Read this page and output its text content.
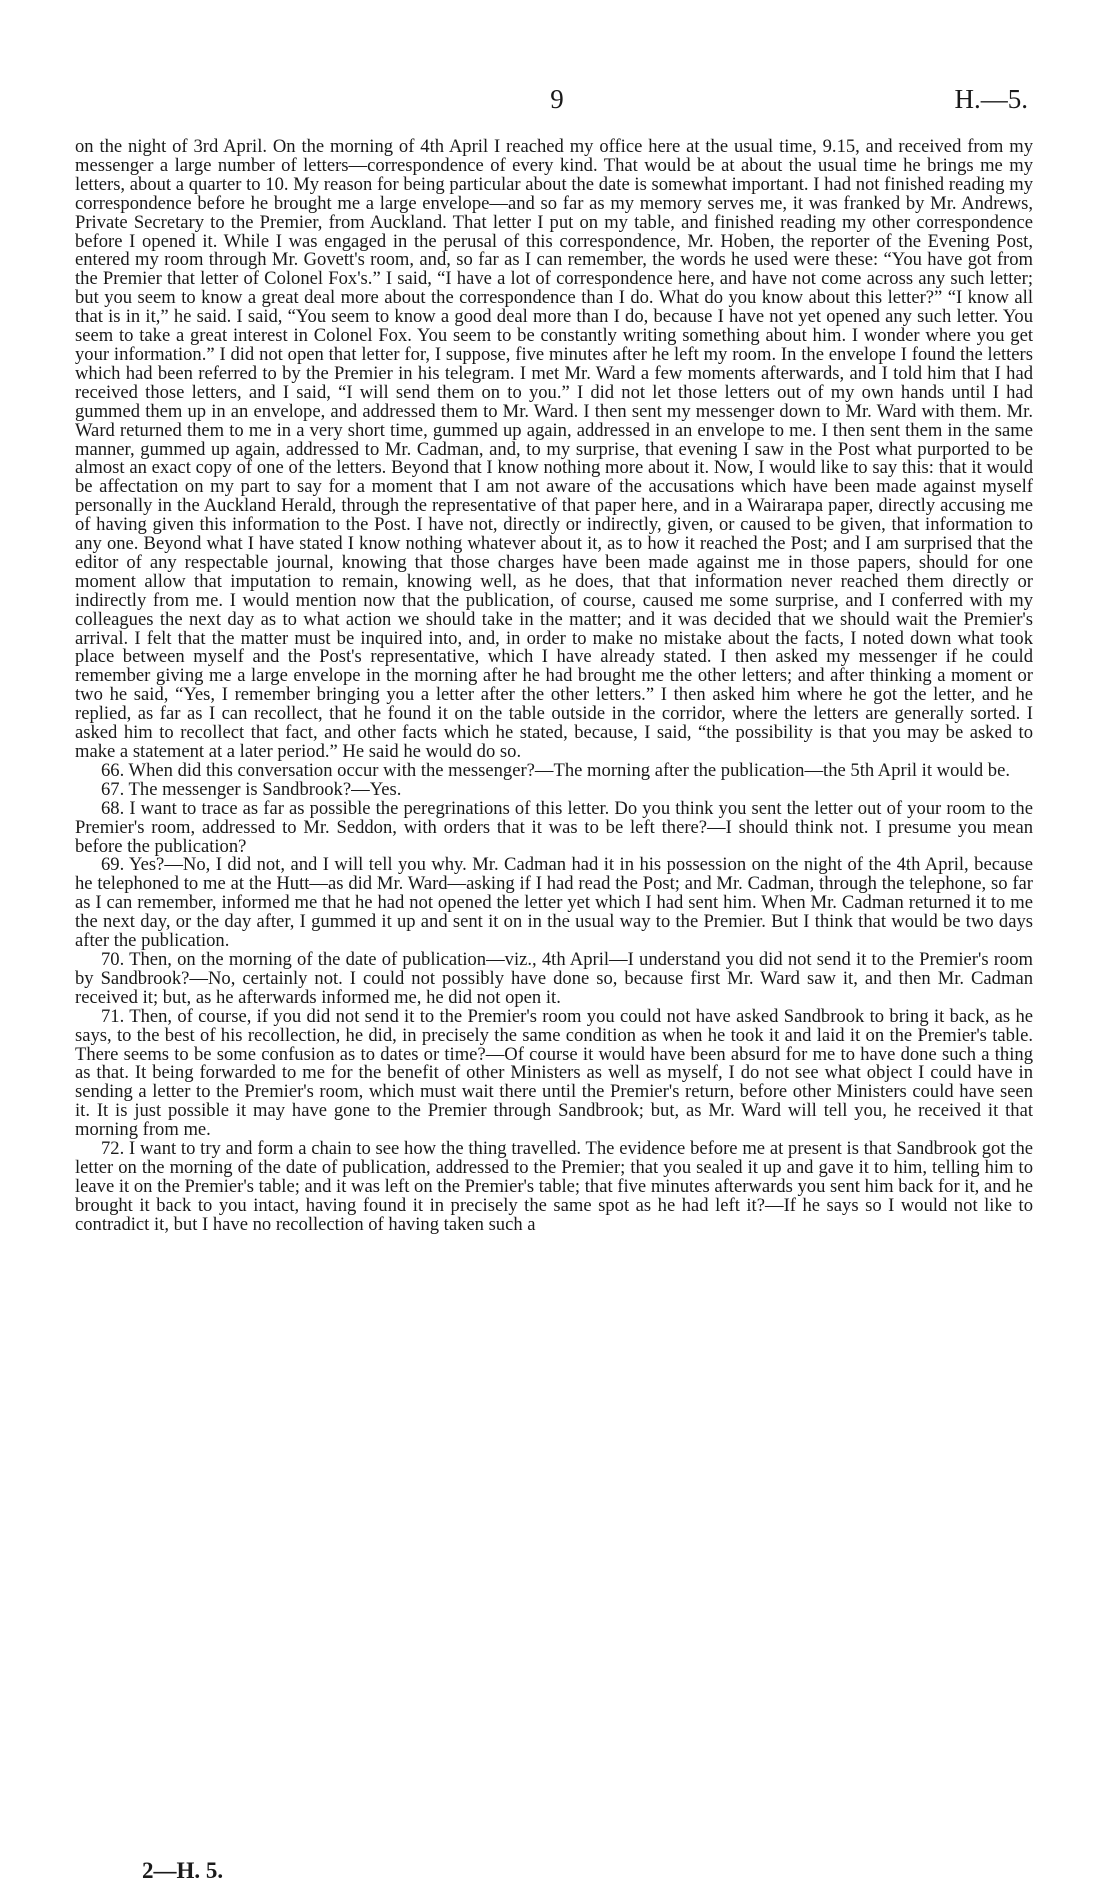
9	H.—5.

on the night of 3rd April. On the morning of 4th April I reached my office here at the usual time, 9.15, and received from my messenger a large number of letters—correspondence of every kind. That would be at about the usual time he brings me my letters, about a quarter to 10. My reason for being particular about the date is somewhat important. I had not finished reading my correspondence before he brought me a large envelope—and so far as my memory serves me, it was franked by Mr. Andrews, Private Secretary to the Premier, from Auckland. That letter I put on my table, and finished reading my other correspondence before I opened it. While I was engaged in the perusal of this correspondence, Mr. Hoben, the reporter of the Evening Post, entered my room through Mr. Govett's room, and, so far as I can remember, the words he used were these: “You have got from the Premier that letter of Colonel Fox's.” I said, “I have a lot of correspondence here, and have not come across any such letter; but you seem to know a great deal more about the correspondence than I do. What do you know about this letter?” “I know all that is in it,” he said. I said, “You seem to know a good deal more than I do, because I have not yet opened any such letter. You seem to take a great interest in Colonel Fox. You seem to be constantly writing something about him. I wonder where you get your information.” I did not open that letter for, I suppose, five minutes after he left my room. In the envelope I found the letters which had been referred to by the Premier in his telegram. I met Mr. Ward a few moments afterwards, and I told him that I had received those letters, and I said, “I will send them on to you.” I did not let those letters out of my own hands until I had gummed them up in an envelope, and addressed them to Mr. Ward. I then sent my messenger down to Mr. Ward with them. Mr. Ward returned them to me in a very short time, gummed up again, addressed in an envelope to me. I then sent them in the same manner, gummed up again, addressed to Mr. Cadman, and, to my surprise, that evening I saw in the Post what purported to be almost an exact copy of one of the letters. Beyond that I know nothing more about it. Now, I would like to say this: that it would be affectation on my part to say for a moment that I am not aware of the accusations which have been made against myself personally in the Auckland Herald, through the representative of that paper here, and in a Wairarapa paper, directly accusing me of having given this information to the Post. I have not, directly or indirectly, given, or caused to be given, that information to any one. Beyond what I have stated I know nothing whatever about it, as to how it reached the Post; and I am surprised that the editor of any respectable journal, knowing that those charges have been made against me in those papers, should for one moment allow that imputation to remain, knowing well, as he does, that that information never reached them directly or indirectly from me. I would mention now that the publication, of course, caused me some surprise, and I conferred with my colleagues the next day as to what action we should take in the matter; and it was decided that we should wait the Premier's arrival. I felt that the matter must be inquired into, and, in order to make no mistake about the facts, I noted down what took place between myself and the Post's representative, which I have already stated. I then asked my messenger if he could remember giving me a large envelope in the morning after he had brought me the other letters; and after thinking a moment or two he said, “Yes, I remember bringing you a letter after the other letters.” I then asked him where he got the letter, and he replied, as far as I can recollect, that he found it on the table outside in the corridor, where the letters are generally sorted. I asked him to recollect that fact, and other facts which he stated, because, I said, “the possibility is that you may be asked to make a statement at a later period.” He said he would do so.

66. When did this conversation occur with the messenger?—The morning after the publication—the 5th April it would be.

67. The messenger is Sandbrook?—Yes.

68. I want to trace as far as possible the peregrinations of this letter. Do you think you sent the letter out of your room to the Premier's room, addressed to Mr. Seddon, with orders that it was to be left there?—I should think not. I presume you mean before the publication?

69. Yes?—No, I did not, and I will tell you why. Mr. Cadman had it in his possession on the night of the 4th April, because he telephoned to me at the Hutt—as did Mr. Ward—asking if I had read the Post; and Mr. Cadman, through the telephone, so far as I can remember, informed me that he had not opened the letter yet which I had sent him. When Mr. Cadman returned it to me the next day, or the day after, I gummed it up and sent it on in the usual way to the Premier. But I think that would be two days after the publication.

70. Then, on the morning of the date of publication—viz., 4th April—I understand you did not send it to the Premier's room by Sandbrook?—No, certainly not. I could not possibly have done so, because first Mr. Ward saw it, and then Mr. Cadman received it; but, as he afterwards informed me, he did not open it.

71. Then, of course, if you did not send it to the Premier's room you could not have asked Sandbrook to bring it back, as he says, to the best of his recollection, he did, in precisely the same condition as when he took it and laid it on the Premier's table. There seems to be some confusion as to dates or time?—Of course it would have been absurd for me to have done such a thing as that. It being forwarded to me for the benefit of other Ministers as well as myself, I do not see what object I could have in sending a letter to the Premier's room, which must wait there until the Premier's return, before other Ministers could have seen it. It is just possible it may have gone to the Premier through Sandbrook; but, as Mr. Ward will tell you, he received it that morning from me.

72. I want to try and form a chain to see how the thing travelled. The evidence before me at present is that Sandbrook got the letter on the morning of the date of publication, addressed to the Premier; that you sealed it up and gave it to him, telling him to leave it on the Premier's table; and it was left on the Premier's table; that five minutes afterwards you sent him back for it, and he brought it back to you intact, having found it in precisely the same spot as he had left it?—If he says so I would not like to contradict it, but I have no recollection of having taken such a

2—H. 5.
